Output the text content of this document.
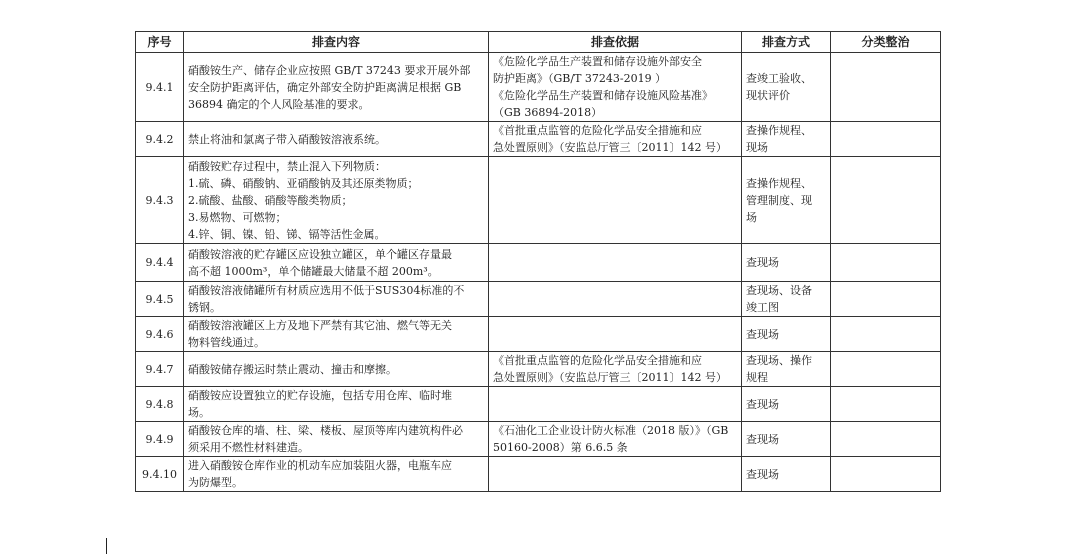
序号	排查内容	排查依据	排查方式	分类整治
9.4.1	硝酸铵生产、储存企业应按照 GB/T 37243 要求开展外部
安全防护距离评估，确定外部安全防护距离满足根据 GB
36894 确定的个人风险基准的要求。	《危险化学品生产装置和储存设施外部安全
防护距离》（GB/T 37243-2019 ）
《危险化学品生产装置和储存设施风险基准》
（GB 36894-2018）	查竣工验收、
现状评价	

9.4.2	禁止将油和氯离子带入硝酸铵溶液系统。	《首批重点监管的危险化学品安全措施和应
急处置原则》（安监总厅管三〔2011〕142 号）	查操作规程、
现场	

9.4.3	硝酸铵贮存过程中，禁止混入下列物质：
1.硫、磷、硝酸钠、亚硝酸钠及其还原类物质；
2.硫酸、盐酸、硝酸等酸类物质；
3.易燃物、可燃物；
4.锌、铜、镍、铅、锑、镉等活性金属。		查操作规程、
管理制度、现
场	

9.4.4	硝酸铵溶液的贮存罐区应设独立罐区，单个罐区存量最
高不超 1000m³，单个储罐最大储量不超 200m³。		查现场	

9.4.5	硝酸铵溶液储罐所有材质应选用不低于SUS304标准的不
锈钢。		查现场、设备
竣工图	

9.4.6	硝酸铵溶液罐区上方及地下严禁有其它油、燃气等无关
物料管线通过。		查现场	

9.4.7	硝酸铵储存搬运时禁止震动、撞击和摩擦。	《首批重点监管的危险化学品安全措施和应
急处置原则》（安监总厅管三〔2011〕142 号）	查现场、操作
规程	

9.4.8	硝酸铵应设置独立的贮存设施，包括专用仓库、临时堆
场。		查现场	

9.4.9	硝酸铵仓库的墙、柱、梁、楼板、屋顶等库内建筑构件必
须采用不燃性材料建造。	《石油化工企业设计防火标准（2018 版）》（GB
50160-2008）第 6.6.5 条	查现场	

9.4.10	进入硝酸铵仓库作业的机动车应加装阻火器，电瓶车应
为防爆型。		查现场	
